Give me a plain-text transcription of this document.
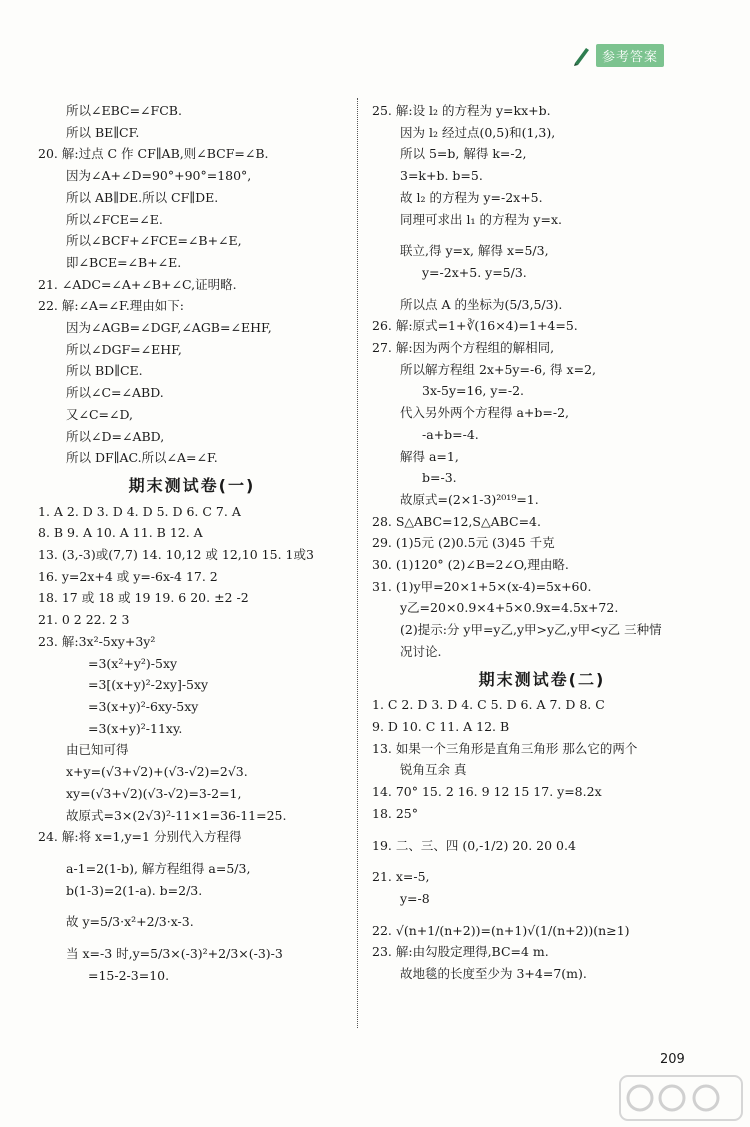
参考答案
所以∠EBC=∠FCB.
所以 BE∥CF.
20. 解:过点 C 作 CF∥AB,则∠BCF=∠B.
因为∠A+∠D=90°+90°=180°,
所以 AB∥DE.所以 CF∥DE.
所以∠FCE=∠E.
所以∠BCF+∠FCE=∠B+∠E,
即∠BCE=∠B+∠E.
21. ∠ADC=∠A+∠B+∠C,证明略.
22. 解:∠A=∠F.理由如下:
因为∠AGB=∠DGF,∠AGB=∠EHF,
所以∠DGF=∠EHF,
所以 BD∥CE.
所以∠C=∠ABD.
又∠C=∠D,
所以∠D=∠ABD,
所以 DF∥AC.所以∠A=∠F.
期末测试卷(一)
1. A 2. D 3. D 4. D 5. D 6. C 7. A
8. B 9. A 10. A 11. B 12. A
13. (3,-3)或(7,7) 14. 10,12 或 12,10 15. 1或3
16. y=2x+4 或 y=-6x-4 17. 2
18. 17 或 18 或 19 19. 6 20. ±2 -2
21. 0 2 22. 2 3
23. 解:3x²-5xy+3y²
=3(x²+y²)-5xy
=3[(x+y)²-2xy]-5xy
=3(x+y)²-6xy-5xy
=3(x+y)²-11xy.
由已知可得
x+y=(√3+√2)+(√3-√2)=2√3.
xy=(√3+√2)(√3-√2)=3-2=1,
故原式=3×(2√3)²-11×1=36-11=25.
24. 解:将 x=1,y=1 分别代入方程得
a-1=2(1-b), 解方程组得 a=5/3,
b(1-3)=2(1-a). b=2/3.
故 y=5/3·x²+2/3·x-3.
当 x=-3 时,y=5/3×(-3)²+2/3×(-3)-3
=15-2-3=10.
25. 解:设 l₂ 的方程为 y=kx+b.
因为 l₂ 经过点(0,5)和(1,3),
所以 5=b, 解得 k=-2,
3=k+b. b=5.
故 l₂ 的方程为 y=-2x+5.
同理可求出 l₁ 的方程为 y=x.
联立,得 y=x, 解得 x=5/3,
y=-2x+5. y=5/3.
所以点 A 的坐标为(5/3,5/3).
26. 解:原式=1+∛(16×4)=1+4=5.
27. 解:因为两个方程组的解相同,
所以解方程组 2x+5y=-6, 得 x=2,
3x-5y=16, y=-2.
代入另外两个方程得 a+b=-2,
-a+b=-4.
解得 a=1,
b=-3.
故原式=(2×1-3)²⁰¹⁹=1.
28. S△ABC=12,S△ABC=4.
29. (1)5元 (2)0.5元 (3)45 千克
30. (1)120° (2)∠B=2∠O,理由略.
31. (1)y甲=20×1+5×(x-4)=5x+60.
y乙=20×0.9×4+5×0.9x=4.5x+72.
(2)提示:分 y甲=y乙,y甲>y乙,y甲<y乙 三种情
况讨论.
期末测试卷(二)
1. C 2. D 3. D 4. C 5. D 6. A 7. D 8. C
9. D 10. C 11. A 12. B
13. 如果一个三角形是直角三角形 那么它的两个
锐角互余 真
14. 70° 15. 2 16. 9 12 15 17. y=8.2x
18. 25°
19. 二、三、四 (0,-1/2) 20. 20 0.4
21. x=-5,
y=-8
22. √(n+1/(n+2))=(n+1)√(1/(n+2))(n≥1)
23. 解:由勾股定理得,BC=4 m.
故地毯的长度至少为 3+4=7(m).
209
